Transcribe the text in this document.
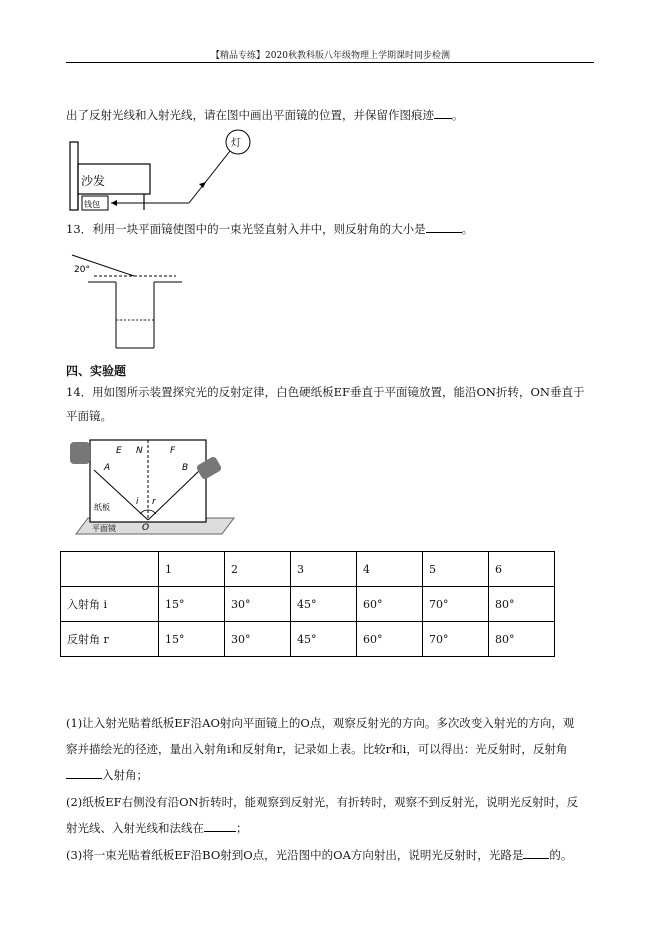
【精品专练】2020秋教科版八年级物理上学期课时同步检测
出了反射光线和入射光线，请在图中画出平面镜的位置，并保留作图痕迹 。
沙发
钱包
灯
13．利用一块平面镜使图中的一束光竖直射入井中，则反射角的大小是	。
20°
四、实验题
14．用如图所示装置探究光的反射定律，白色硬纸板EF垂直于平面镜放置，能沿ON折转，ON垂直于
平面镜。
E N	F
A	B
i r
O
纸板
平面镜
	1	2	3	4	5	6
入射角 i	15°	30°	45°	60°	70°	80°
反射角 r	15°	30°	45°	60°	70°	80°
(1)让入射光贴着纸板EF沿AO射向平面镜上的O点，观察反射光的方向。多次改变入射光的方向，观
察并描绘光的径迹，量出入射角i和反射角r，记录如上表。比较r和i，可以得出：光反射时，反射角
入射角；
(2)纸板EF右侧没有沿ON折转时，能观察到反射光，有折转时，观察不到反射光，说明光反射时，反
射光线、入射光线和法线在	；
(3)将一束光贴着纸板EF沿BO射到O点，光沿图中的OA方向射出，说明光反射时，光路是 的。
